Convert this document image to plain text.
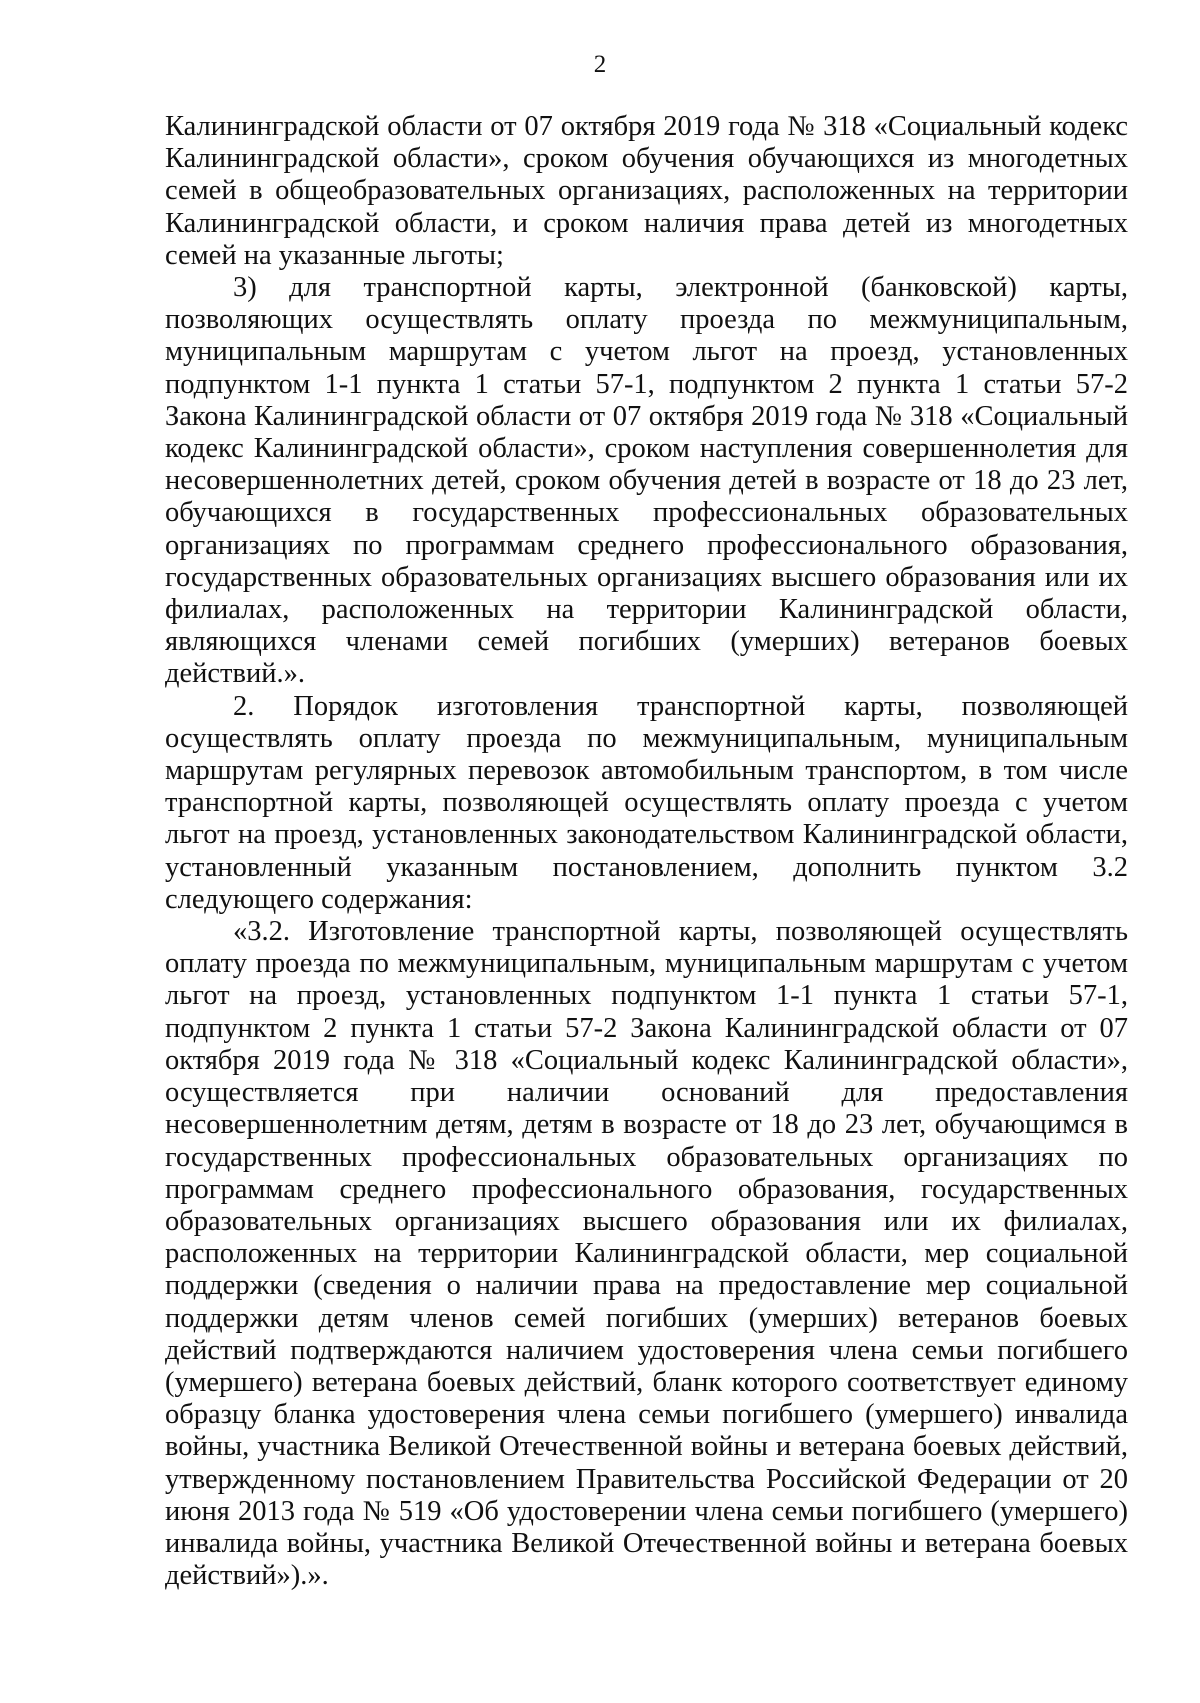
2

Калининградской области от 07 октября 2019 года № 318 «Социальный кодекс Калининградской области», сроком обучения обучающихся из многодетных семей в общеобразовательных организациях, расположенных на территории Калининградской области, и сроком наличия права детей из многодетных семей на указанные льготы;

3) для транспортной карты, электронной (банковской) карты, позволяющих осуществлять оплату проезда по межмуниципальным, муниципальным маршрутам с учетом льгот на проезд, установленных подпунктом 1-1 пункта 1 статьи 57-1, подпунктом 2 пункта 1 статьи 57-2 Закона Калининградской области от 07 октября 2019 года № 318 «Социальный кодекс Калининградской области», сроком наступления совершеннолетия для несовершеннолетних детей, сроком обучения детей в возрасте от 18 до 23 лет, обучающихся в государственных профессиональных образовательных организациях по программам среднего профессионального образования, государственных образовательных организациях высшего образования или их филиалах, расположенных на территории Калининградской области, являющихся членами семей погибших (умерших) ветеранов боевых действий.».

2. Порядок изготовления транспортной карты, позволяющей осуществлять оплату проезда по межмуниципальным, муниципальным маршрутам регулярных перевозок автомобильным транспортом, в том числе транспортной карты, позволяющей осуществлять оплату проезда с учетом льгот на проезд, установленных законодательством Калининградской области, установленный указанным постановлением, дополнить пунктом 3.2 следующего содержания:

«3.2. Изготовление транспортной карты, позволяющей осуществлять оплату проезда по межмуниципальным, муниципальным маршрутам с учетом льгот на проезд, установленных подпунктом 1-1 пункта 1 статьи 57-1, подпунктом 2 пункта 1 статьи 57-2 Закона Калининградской области от 07 октября 2019 года № 318 «Социальный кодекс Калининградской области», осуществляется при наличии оснований для предоставления несовершеннолетним детям, детям в возрасте от 18 до 23 лет, обучающимся в государственных профессиональных образовательных организациях по программам среднего профессионального образования, государственных образовательных организациях высшего образования или их филиалах, расположенных на территории Калининградской области, мер социальной поддержки (сведения о наличии права на предоставление мер социальной поддержки детям членов семей погибших (умерших) ветеранов боевых действий подтверждаются наличием удостоверения члена семьи погибшего (умершего) ветерана боевых действий, бланк которого соответствует единому образцу бланка удостоверения члена семьи погибшего (умершего) инвалида войны, участника Великой Отечественной войны и ветерана боевых действий, утвержденному постановлением Правительства Российской Федерации от 20 июня 2013 года № 519 «Об удостоверении члена семьи погибшего (умершего) инвалида войны, участника Великой Отечественной войны и ветерана боевых действий»).».
